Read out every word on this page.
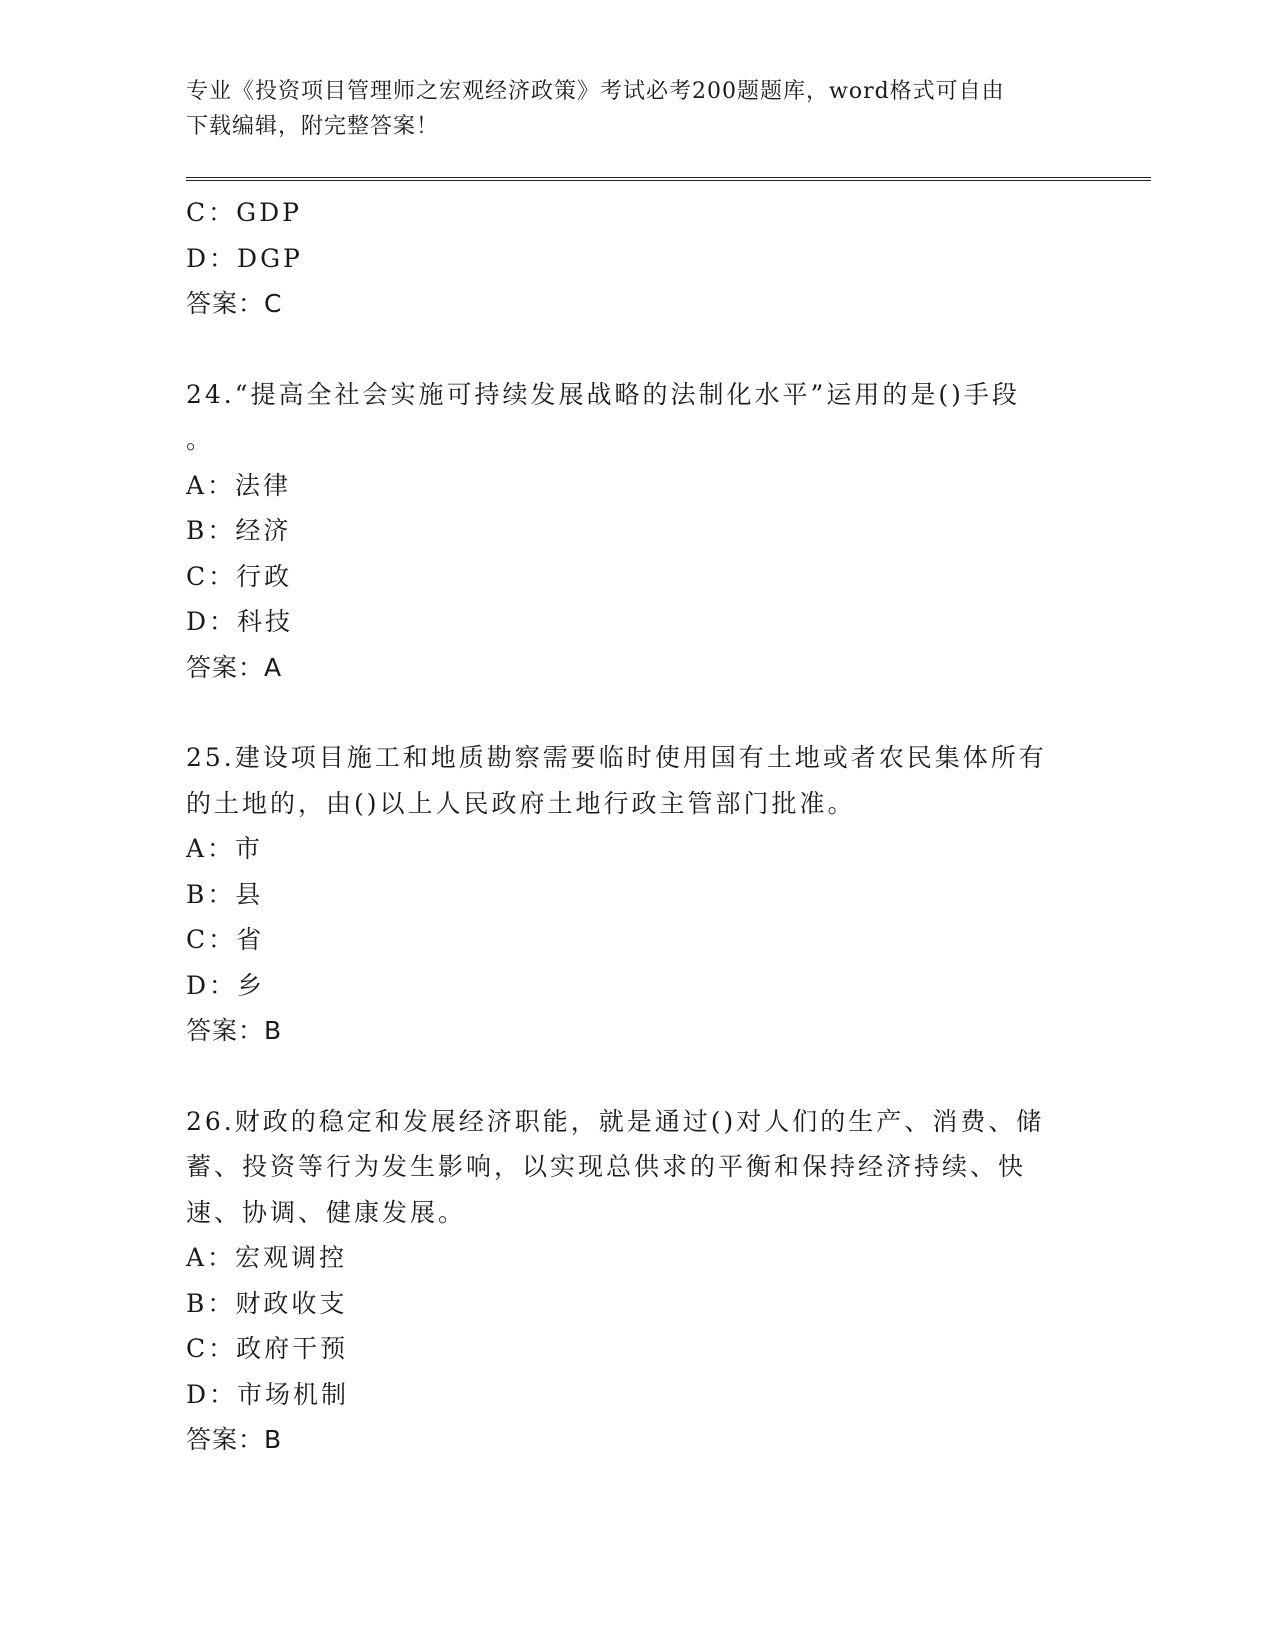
专业《投资项目管理师之宏观经济政策》考试必考200题题库，word格式可自由
下载编辑，附完整答案！
C：GDP
D：DGP
答案：C
24.“提高全社会实施可持续发展战略的法制化水平”运用的是()手段
。
A：法律
B：经济
C：行政
D：科技
答案：A
25.建设项目施工和地质勘察需要临时使用国有土地或者农民集体所有
的土地的，由()以上人民政府土地行政主管部门批准。
A：市
B：县
C：省
D：乡
答案：B
26.财政的稳定和发展经济职能，就是通过()对人们的生产、消费、储
蓄、投资等行为发生影响，以实现总供求的平衡和保持经济持续、快
速、协调、健康发展。
A：宏观调控
B：财政收支
C：政府干预
D：市场机制
答案：B
